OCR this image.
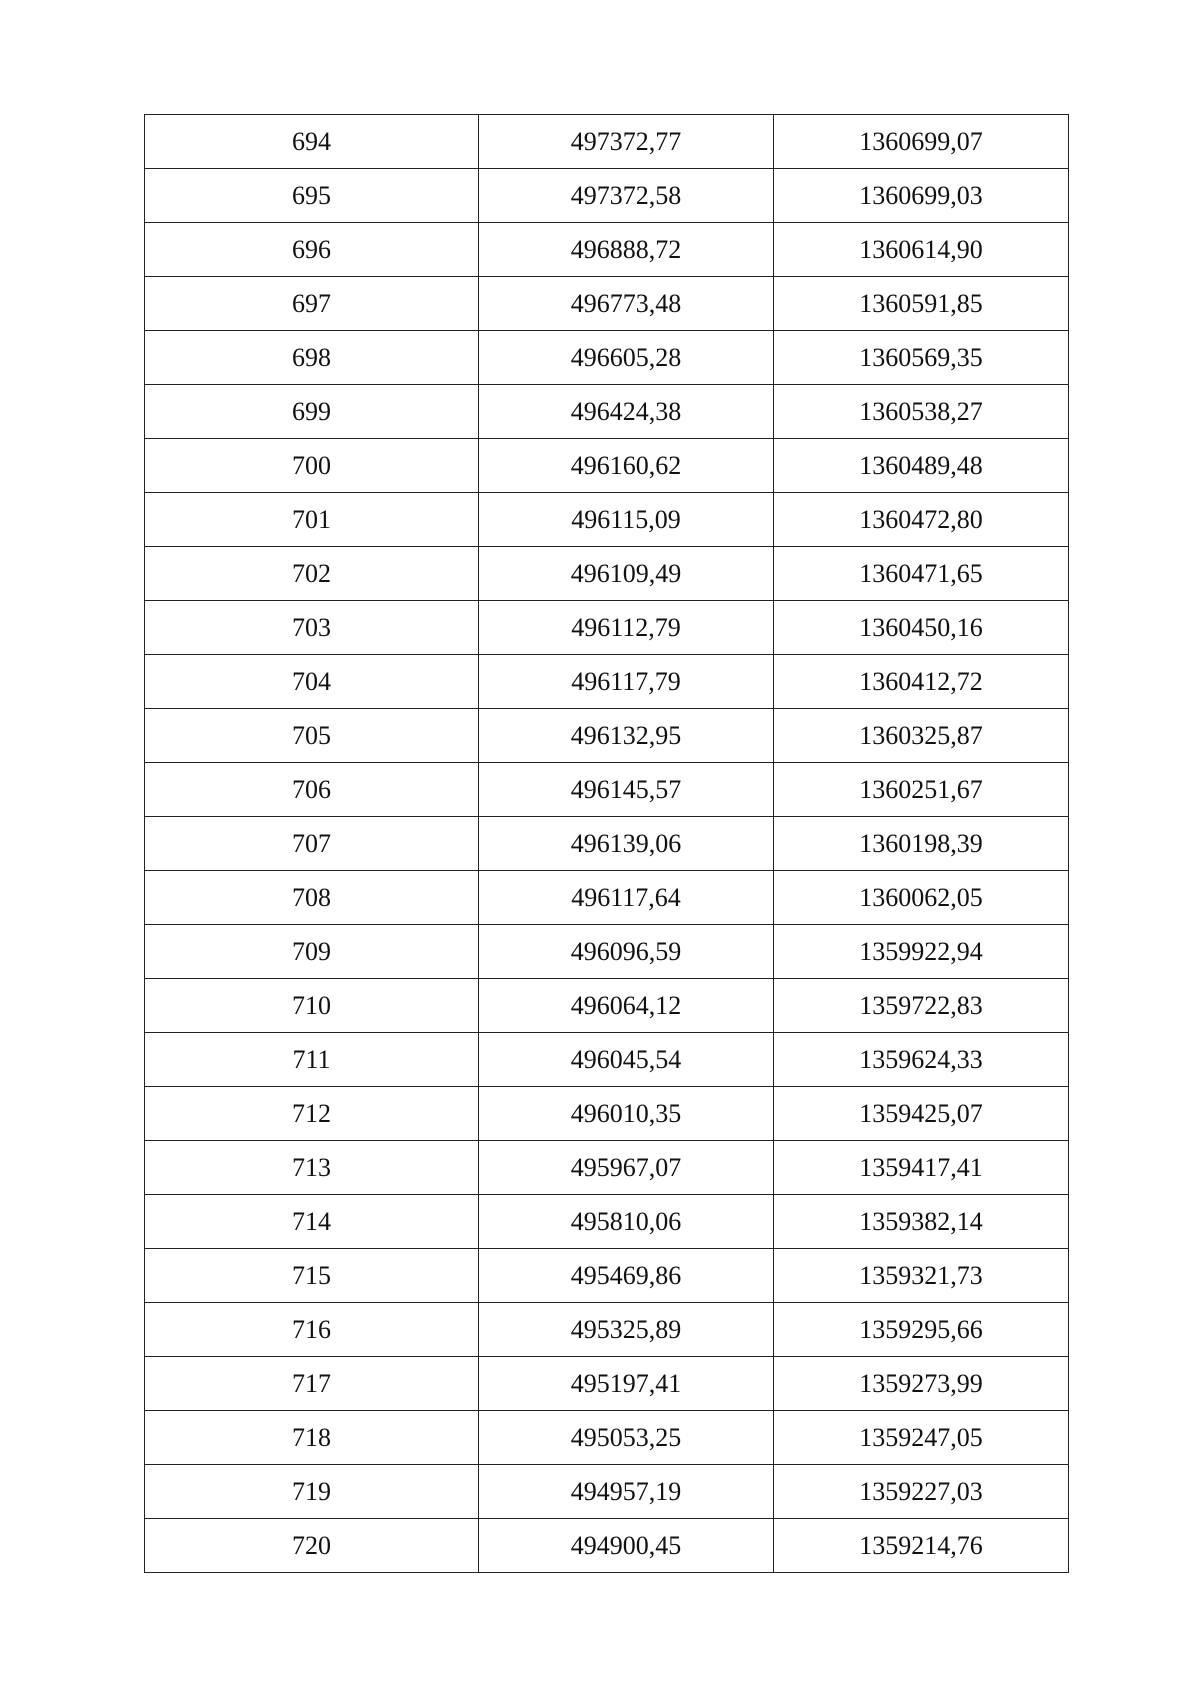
694	497372,77	1360699,07
695	497372,58	1360699,03
696	496888,72	1360614,90
697	496773,48	1360591,85
698	496605,28	1360569,35
699	496424,38	1360538,27
700	496160,62	1360489,48
701	496115,09	1360472,80
702	496109,49	1360471,65
703	496112,79	1360450,16
704	496117,79	1360412,72
705	496132,95	1360325,87
706	496145,57	1360251,67
707	496139,06	1360198,39
708	496117,64	1360062,05
709	496096,59	1359922,94
710	496064,12	1359722,83
711	496045,54	1359624,33
712	496010,35	1359425,07
713	495967,07	1359417,41
714	495810,06	1359382,14
715	495469,86	1359321,73
716	495325,89	1359295,66
717	495197,41	1359273,99
718	495053,25	1359247,05
719	494957,19	1359227,03
720	494900,45	1359214,76
